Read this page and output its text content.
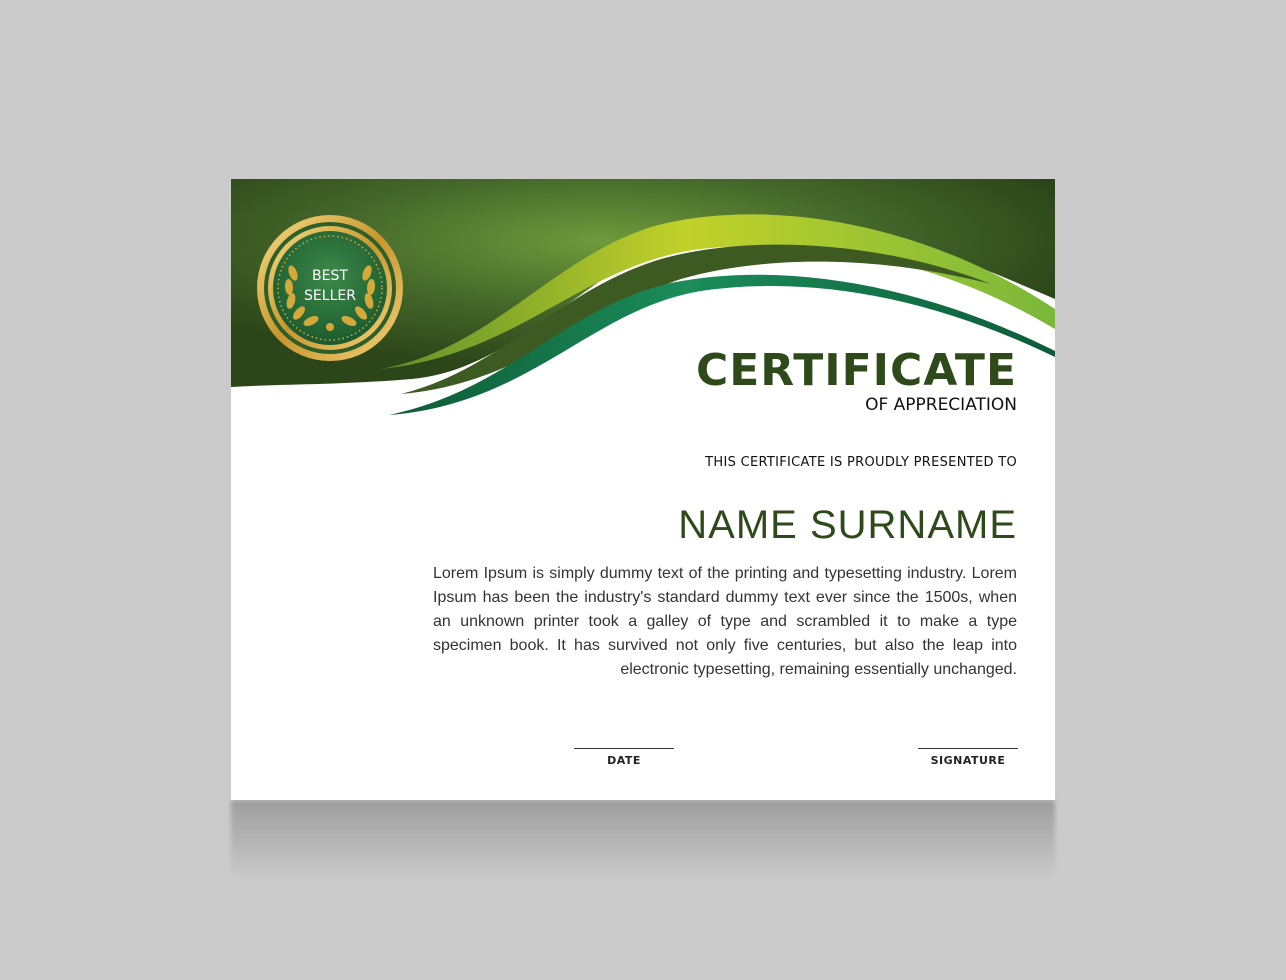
BEST
SELLER
CERTIFICATE
OF APPRECIATION
THIS CERTIFICATE IS PROUDLY PRESENTED TO
NAME SURNAME

Lorem Ipsum is simply dummy text of the printing and typesetting industry. Lorem Ipsum has been the industry's standard dummy text ever since the 1500s, when an unknown printer took a galley of type and scrambled it to make a type specimen book. It has survived not only five centuries, but also the leap into electronic typesetting, remaining essentially unchanged.

DATE	SIGNATURE
